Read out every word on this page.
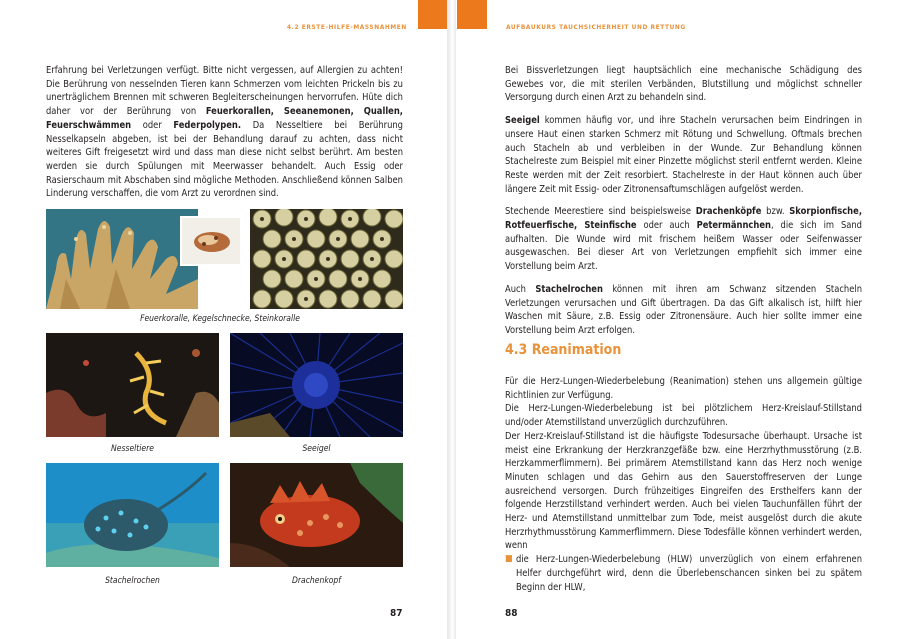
4.2 ERSTE-HILFE-MASSNAHMEN

Erfahrung bei Verletzungen verfügt. Bitte nicht vergessen, auf Allergien zu achten! Die Berührung von nesselnden Tieren kann Schmerzen vom leichten Prickeln bis zu unerträglichem Brennen mit schweren Begleiterscheinungen hervorrufen. Hüte dich daher vor der Berührung von Feuerkorallen, Seeanemonen, Quallen, Feuerschwämmen oder Federpolypen. Da Nesseltiere bei Berührung Nesselkapseln abgeben, ist bei der Behandlung darauf zu achten, dass nicht weiteres Gift freigesetzt wird und dass man diese nicht selbst berührt. Am besten werden sie durch Spülungen mit Meerwasser behandelt. Auch Essig oder Rasierschaum mit Abschaben sind mögliche Methoden. Anschließend können Salben Linderung verschaffen, die vom Arzt zu verordnen sind.

Feuerkoralle, Kegelschnecke, Steinkoralle
Nesseltiere	Seeigel
Stachelrochen	Drachenkopf
87
AUFBAUKURS TAUCHSICHERHEIT UND RETTUNG

Bei Bissverletzungen liegt hauptsächlich eine mechanische Schädigung des Gewebes vor, die mit sterilen Verbänden, Blutstillung und möglichst schneller Versorgung durch einen Arzt zu behandeln sind.

Seeigel kommen häufig vor, und ihre Stacheln verursachen beim Eindringen in unsere Haut einen starken Schmerz mit Rötung und Schwellung. Oftmals brechen auch Stacheln ab und verbleiben in der Wunde. Zur Behandlung können Stachelreste zum Beispiel mit einer Pinzette möglichst steril entfernt werden. Kleine Reste werden mit der Zeit resorbiert. Stachelreste in der Haut können auch über längere Zeit mit Essig- oder Zitronensaftumschlägen aufgelöst werden.

Stechende Meerestiere sind beispielsweise Drachenköpfe bzw. Skorpionfische, Rotfeuerfische, Steinfische oder auch Petermännchen, die sich im Sand aufhalten. Die Wunde wird mit frischem heißem Wasser oder Seifenwasser ausgewaschen. Bei dieser Art von Verletzungen empfiehlt sich immer eine Vorstellung beim Arzt.

Auch Stachelrochen können mit ihren am Schwanz sitzenden Stacheln Verletzungen verursachen und Gift übertragen. Da das Gift alkalisch ist, hilft hier Waschen mit Säure, z.B. Essig oder Zitronensäure. Auch hier sollte immer eine Vorstellung beim Arzt erfolgen.

4.3 Reanimation

Für die Herz-Lungen-Wiederbelebung (Reanimation) stehen uns allgemein gültige Richtlinien zur Verfügung.

Die Herz-Lungen-Wiederbelebung ist bei plötzlichem Herz-Kreislauf-Stillstand und/oder Atemstillstand unverzüglich durchzuführen.

Der Herz-Kreislauf-Stillstand ist die häufigste Todesursache überhaupt. Ursache ist meist eine Erkrankung der Herzkranzgefäße bzw. eine Herzrhythmusstörung (z.B. Herzkammerflimmern). Bei primärem Atemstillstand kann das Herz noch wenige Minuten schlagen und das Gehirn aus den Sauerstoffreserven der Lunge ausreichend versorgen. Durch frühzeitiges Eingreifen des Ersthelfers kann der folgende Herzstillstand verhindert werden. Auch bei vielen Tauchunfällen führt der Herz- und Atemstillstand unmittelbar zum Tode, meist ausgelöst durch die akute Herzrhythmusstörung Kammerflimmern. Diese Todesfälle können verhindert werden, wenn

■ die Herz-Lungen-Wiederbelebung (HLW) unverzüglich von einem erfahrenen Helfer durchgeführt wird, denn die Überlebenschancen sinken bei zu spätem Beginn der HLW,
88
